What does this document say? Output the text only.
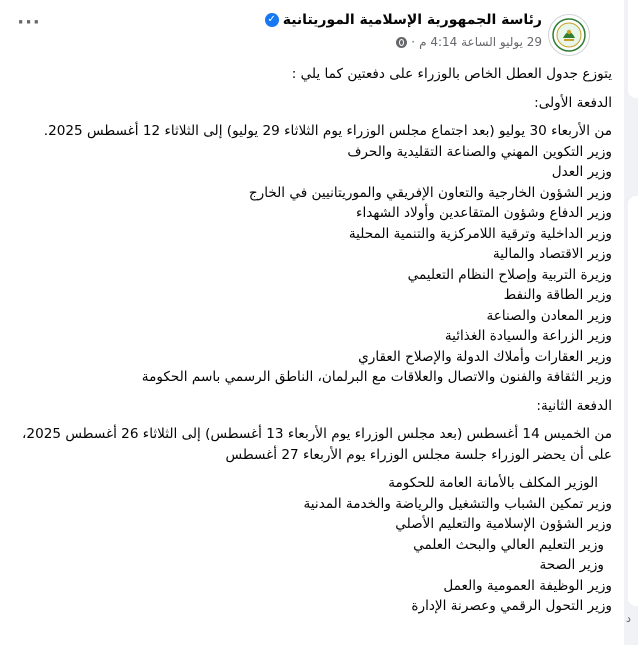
رئاسة الجمهورية الإسلامية الموريتانية
✓
29 يوليو الساعة 4:14 م
·
···
يتوزع جدول العطل الخاص بالوزراء على دفعتين كما يلي :
الدفعة الأولى:
من الأربعاء 30 يوليو (بعد اجتماع مجلس الوزراء يوم الثلاثاء 29 يوليو) إلى الثلاثاء 12 أغسطس 2025.
وزير التكوين المهني والصناعة التقليدية والحرف
وزير العدل
وزير الشؤون الخارجية والتعاون الإفريقي والموريتانيين في الخارج
وزير الدفاع وشؤون المتقاعدين وأولاد الشهداء
وزير الداخلية وترقية اللامركزية والتنمية المحلية
وزير الاقتصاد والمالية
وزيرة التربية وإصلاح النظام التعليمي
وزير الطاقة والنفط
وزير المعادن والصناعة
وزير الزراعة والسيادة الغذائية
وزير العقارات وأملاك الدولة والإصلاح العقاري
وزير الثقافة والفنون والاتصال والعلاقات مع البرلمان، الناطق الرسمي باسم الحكومة
الدفعة الثانية:
من الخميس 14 أغسطس (بعد مجلس الوزراء يوم الأربعاء 13 أغسطس) إلى الثلاثاء 26 أغسطس 2025، على أن يحضر الوزراء جلسة مجلس الوزراء يوم الأربعاء 27 أغسطس
الوزير المكلف بالأمانة العامة للحكومة
وزير تمكين الشباب والتشغيل والرياضة والخدمة المدنية
وزير الشؤون الإسلامية والتعليم الأصلي
وزير التعليم العالي والبحث العلمي
وزير الصحة
وزير الوظيفة العمومية والعمل
وزير التحول الرقمي وعصرنة الإدارة
د
